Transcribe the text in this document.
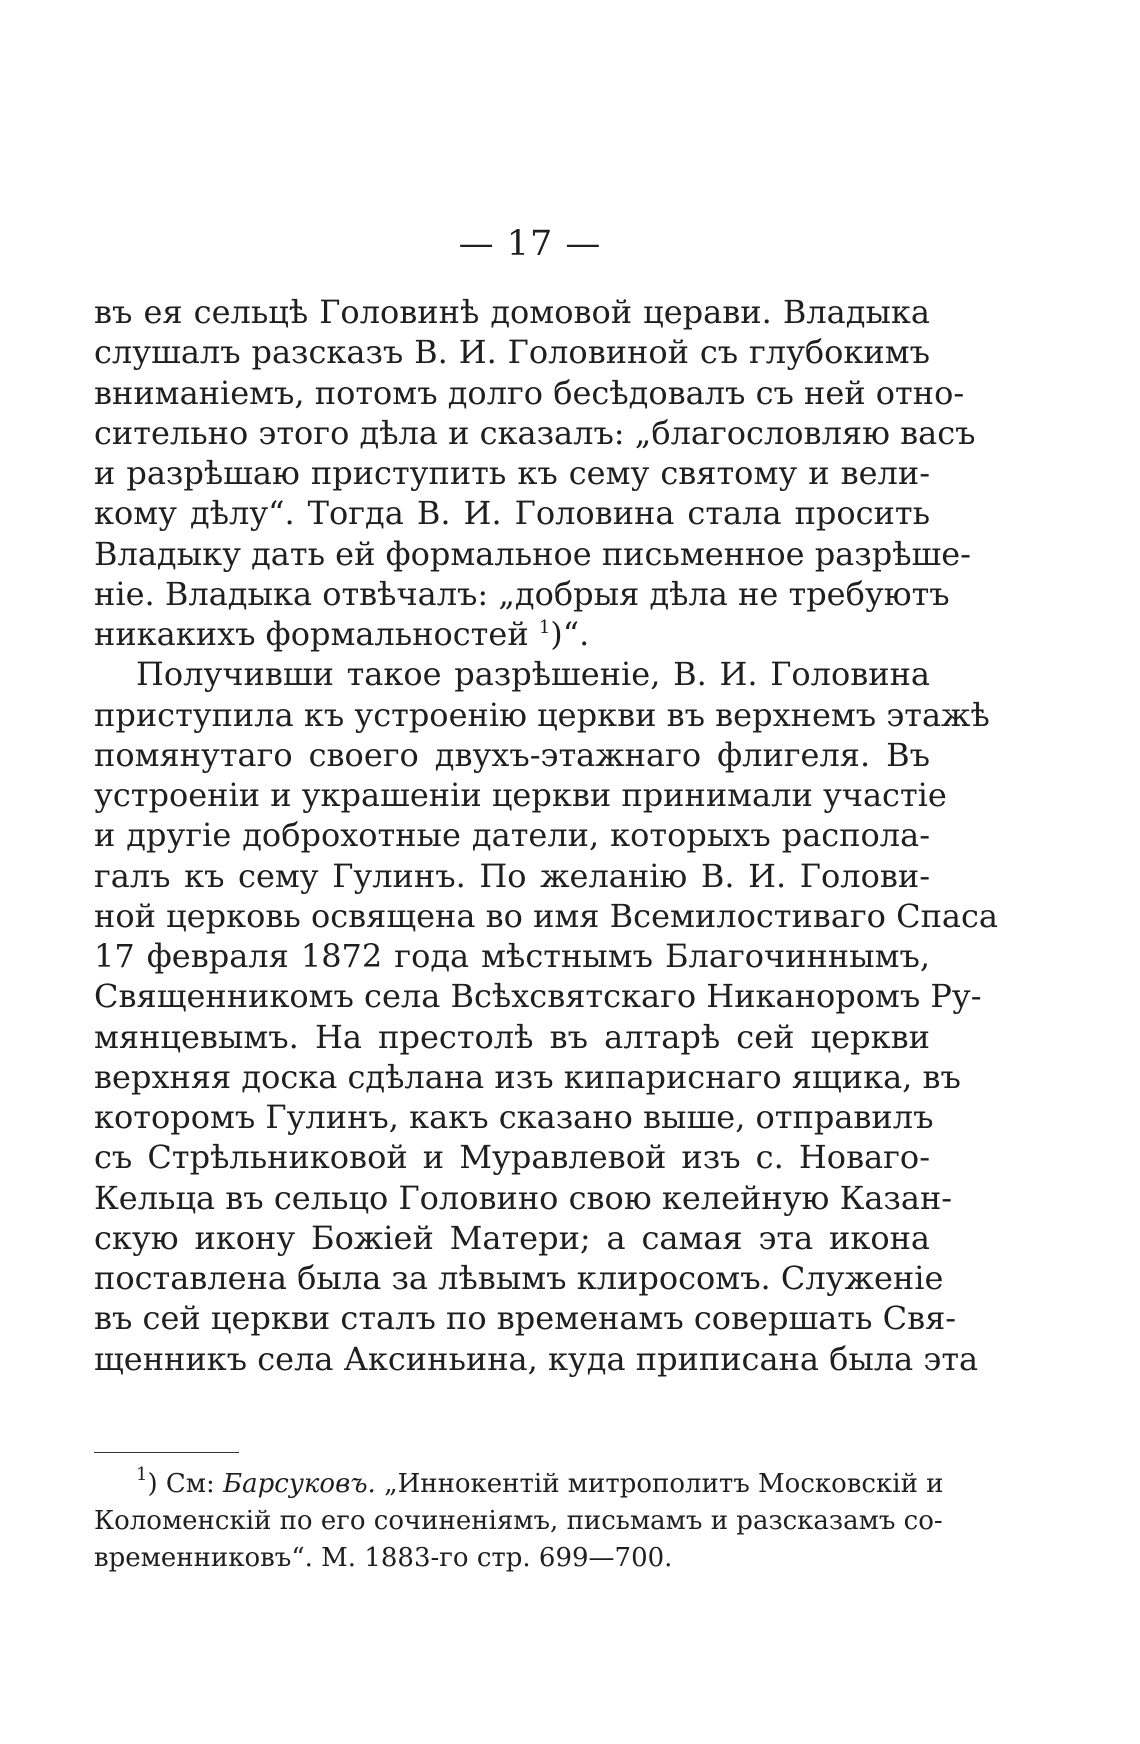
— 17 —
въ ея сельцѣ Головинѣ домовой церави. Владыка
слушалъ разсказъ В. И. Головиной съ глубокимъ
вниманіемъ, потомъ долго бесѣдовалъ съ ней отно-
сительно этого дѣла и сказалъ: „благословляю васъ
и разрѣшаю приступить къ сему святому и вели-
кому дѣлу“. Тогда В. И. Головина стала просить
Владыку дать ей формальное письменное разрѣше-
ніе. Владыка отвѣчалъ: „добрыя дѣла не требуютъ
никакихъ формальностей $^1$)“.
Получивши такое разрѣшеніе, В. И. Головина
приступила къ устроенію церкви въ верхнемъ этажѣ
помянутаго своего двухъ-этажнаго флигеля. Въ
устроеніи и украшеніи церкви принимали участіе
и другіе доброхотные датели, которыхъ распола-
галъ къ сему Гулинъ. По желанію В. И. Голови-
ной церковь освящена во имя Всемилостиваго Спаса
17 февраля 1872 года мѣстнымъ Благочиннымъ,
Священникомъ села Всѣхсвятскаго Никаноромъ Ру-
мянцевымъ. На престолѣ въ алтарѣ сей церкви
верхняя доска сдѣлана изъ кипариснаго ящика, въ
которомъ Гулинъ, какъ сказано выше, отправилъ
съ Стрѣльниковой и Муравлевой изъ с. Новаго-
Кельца въ сельцо Головино свою келейную Казан-
скую икону Божіей Матери; а самая эта икона
поставлена была за лѣвымъ клиросомъ. Служеніе
въ сей церкви сталъ по временамъ совершать Свя-
щенникъ села Аксиньина, куда приписана была эта
$^1$) См: Барсуковъ. „Иннокентій митрополитъ Московскій и
Коломенскій по его сочиненіямъ, письмамъ и разсказамъ со-
временниковъ“. М. 1883-го стр. 699—700.
